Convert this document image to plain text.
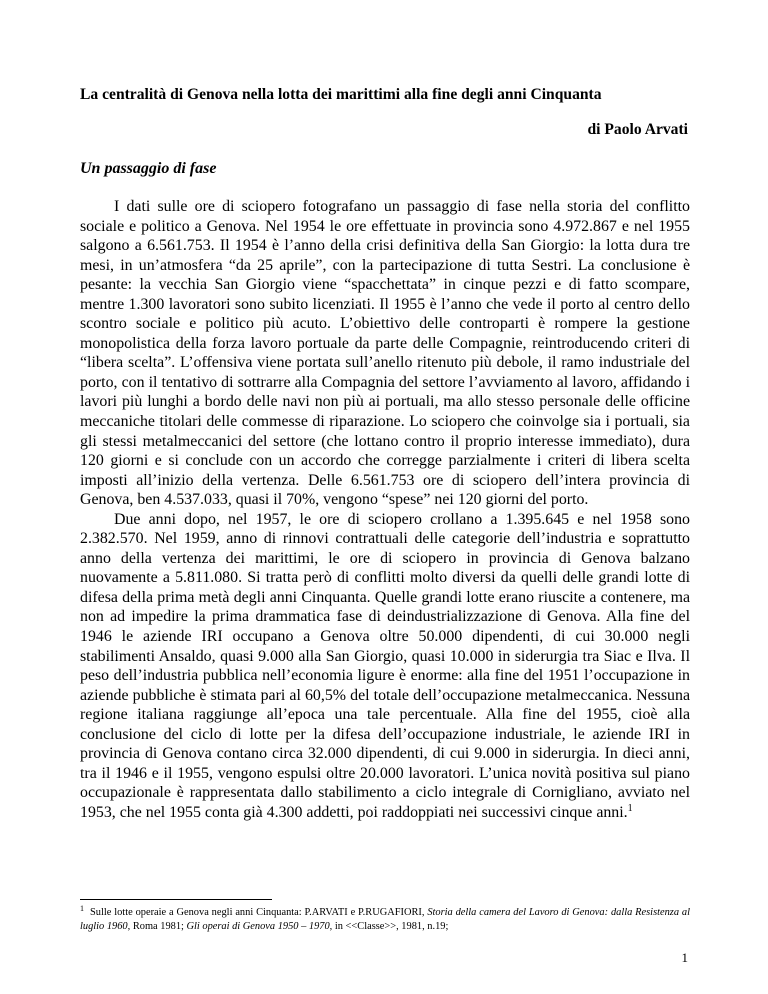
La centralità di Genova nella lotta dei marittimi alla fine degli anni Cinquanta

di Paolo Arvati

Un passaggio di fase

I dati sulle ore di sciopero fotografano un passaggio di fase nella storia del conflitto sociale e politico a Genova. Nel 1954 le ore effettuate in provincia sono 4.972.867 e nel 1955 salgono a 6.561.753. Il 1954 è l’anno della crisi definitiva della San Giorgio: la lotta dura tre mesi, in un’atmosfera “da 25 aprile”, con la partecipazione di tutta Sestri. La conclusione è pesante: la vecchia San Giorgio viene “spacchettata” in cinque pezzi e di fatto scompare, mentre 1.300 lavoratori sono subito licenziati. Il 1955 è l’anno che vede il porto al centro dello scontro sociale e politico più acuto. L’obiettivo delle controparti è rompere la gestione monopolistica della forza lavoro portuale da parte delle Compagnie, reintroducendo criteri di “libera scelta”. L’offensiva viene portata sull’anello ritenuto più debole, il ramo industriale del porto, con il tentativo di sottrarre alla Compagnia del settore l’avviamento al lavoro, affidando i lavori più lunghi a bordo delle navi non più ai portuali, ma allo stesso personale delle officine meccaniche titolari delle commesse di riparazione. Lo sciopero che coinvolge sia i portuali, sia gli stessi metalmeccanici del settore (che lottano contro il proprio interesse immediato), dura 120 giorni e si conclude con un accordo che corregge parzialmente i criteri di libera scelta imposti all’inizio della vertenza. Delle 6.561.753 ore di sciopero dell’intera provincia di Genova, ben 4.537.033, quasi il 70%, vengono “spese” nei 120 giorni del porto.

Due anni dopo, nel 1957, le ore di sciopero crollano a 1.395.645 e nel 1958 sono 2.382.570. Nel 1959, anno di rinnovi contrattuali delle categorie dell’industria e soprattutto anno della vertenza dei marittimi, le ore di sciopero in provincia di Genova balzano nuovamente a 5.811.080. Si tratta però di conflitti molto diversi da quelli delle grandi lotte di difesa della prima metà degli anni Cinquanta. Quelle grandi lotte erano riuscite a contenere, ma non ad impedire la prima drammatica fase di deindustrializzazione di Genova. Alla fine del 1946 le aziende IRI occupano a Genova oltre 50.000 dipendenti, di cui 30.000 negli stabilimenti Ansaldo, quasi 9.000 alla San Giorgio, quasi 10.000 in siderurgia tra Siac e Ilva. Il peso dell’industria pubblica nell’economia ligure è enorme: alla fine del 1951 l’occupazione in aziende pubbliche è stimata pari al 60,5% del totale dell’occupazione metalmeccanica. Nessuna regione italiana raggiunge all’epoca una tale percentuale. Alla fine del 1955, cioè alla conclusione del ciclo di lotte per la difesa dell’occupazione industriale, le aziende IRI in provincia di Genova contano circa 32.000 dipendenti, di cui 9.000 in siderurgia. In dieci anni, tra il 1946 e il 1955, vengono espulsi oltre 20.000 lavoratori. L’unica novità positiva sul piano occupazionale è rappresentata dallo stabilimento a ciclo integrale di Cornigliano, avviato nel 1953, che nel 1955 conta già 4.300 addetti, poi raddoppiati nei successivi cinque anni.$^1$

$^1$ Sulle lotte operaie a Genova negli anni Cinquanta: P.ARVATI e P.RUGAFIORI, Storia della camera del Lavoro di Genova: dalla Resistenza al luglio 1960, Roma 1981; Gli operai di Genova 1950 – 1970, in <<Classe>>, 1981, n.19;

1
